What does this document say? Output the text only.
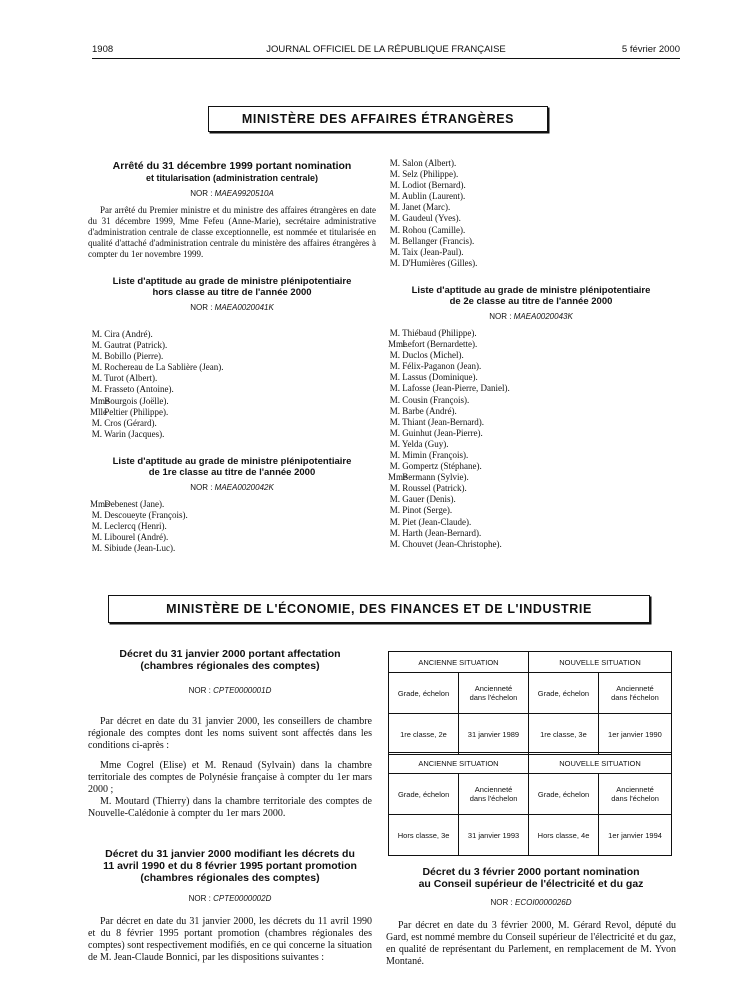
1908	JOURNAL OFFICIEL DE LA RÉPUBLIQUE FRANÇAISE	5 février 2000
MINISTÈRE DES AFFAIRES ÉTRANGÈRES
Arrêté du 31 décembre 1999 portant nomination
et titularisation (administration centrale)
NOR : MAEA9920510A

Par arrêté du Premier ministre et du ministre des affaires étrangères en date du 31 décembre 1999, Mme Fefeu (Anne-Marie), secrétaire administrative d'administration centrale de classe exceptionnelle, est nommée et titularisée en qualité d'attaché d'administration centrale du ministère des affaires étrangères à compter du 1er novembre 1999.

Liste d'aptitude au grade de ministre plénipotentiaire
hors classe au titre de l'année 2000
NOR : MAEA0020041K
M. Cira (André).
M. Gautrat (Patrick).
M. Bobillo (Pierre).
M. Rochereau de La Sablière (Jean).
M. Turot (Albert).
M. Frasseto (Antoine).
Mme Bourgois (Joëlle).
Mlle Peltier (Philippe).
M. Cros (Gérard).
M. Warin (Jacques).
Liste d'aptitude au grade de ministre plénipotentiaire
de 1re classe au titre de l'année 2000
NOR : MAEA0020042K
Mme Debenest (Jane).
M. Descoueyte (François).
M. Leclercq (Henri).
M. Libourel (André).
M. Sibiude (Jean-Luc).
M. Salon (Albert).
M. Selz (Philippe).
M. Lodiot (Bernard).
M. Aublin (Laurent).
M. Janet (Marc).
M. Gaudeul (Yves).
M. Rohou (Camille).
M. Bellanger (Francis).
M. Taix (Jean-Paul).
M. D'Humières (Gilles).
Liste d'aptitude au grade de ministre plénipotentiaire
de 2e classe au titre de l'année 2000
NOR : MAEA0020043K
M. Thiébaud (Philippe).
Mme Lefort (Bernardette).
M. Duclos (Michel).
M. Félix-Paganon (Jean).
M. Lassus (Dominique).
M. Lafosse (Jean-Pierre, Daniel).
M. Cousin (François).
M. Barbe (André).
M. Thiant (Jean-Bernard).
M. Guinhut (Jean-Pierre).
M. Yelda (Guy).
M. Mimin (François).
M. Gompertz (Stéphane).
Mme Bermann (Sylvie).
M. Roussel (Patrick).
M. Gauer (Denis).
M. Pinot (Serge).
M. Piet (Jean-Claude).
M. Harth (Jean-Bernard).
M. Chouvet (Jean-Christophe).
MINISTÈRE DE L'ÉCONOMIE, DES FINANCES ET DE L'INDUSTRIE
Décret du 31 janvier 2000 portant affectation
(chambres régionales des comptes)
NOR : CPTE0000001D

Par décret en date du 31 janvier 2000, les conseillers de chambre régionale des comptes dont les noms suivent sont affectés dans les conditions ci-après :

Mme Cogrel (Elise) et M. Renaud (Sylvain) dans la chambre territoriale des comptes de Polynésie française à compter du 1er mars 2000 ;

M. Moutard (Thierry) dans la chambre territoriale des comptes de Nouvelle-Calédonie à compter du 1er mars 2000.

Décret du 31 janvier 2000 modifiant les décrets du
11 avril 1990 et du 8 février 1995 portant promotion
(chambres régionales des comptes)
NOR : CPTE0000002D

Par décret en date du 31 janvier 2000, les décrets du 11 avril 1990 et du 8 février 1995 portant promotion (chambres régionales des comptes) sont respectivement modifiés, en ce qui concerne la situation de M. Jean-Claude Bonnici, par les dispositions suivantes :

ANCIENNE SITUATION		NOUVELLE SITUATION	
Grade, échelon	Ancienneté
dans l'échelon	Grade, échelon	Ancienneté
dans l'échelon
1re classe, 2e	31 janvier 1989	1re classe, 3e	1er janvier 1990
ANCIENNE SITUATION		NOUVELLE SITUATION	
Grade, échelon	Ancienneté
dans l'échelon	Grade, échelon	Ancienneté
dans l'échelon
Hors classe, 3e	31 janvier 1993	Hors classe, 4e	1er janvier 1994
Décret du 3 février 2000 portant nomination
au Conseil supérieur de l'électricité et du gaz
NOR : ECOI0000026D

Par décret en date du 3 février 2000, M. Gérard Revol, député du Gard, est nommé membre du Conseil supérieur de l'électricité et du gaz, en qualité de représentant du Parlement, en remplacement de M. Yvon Montané.
